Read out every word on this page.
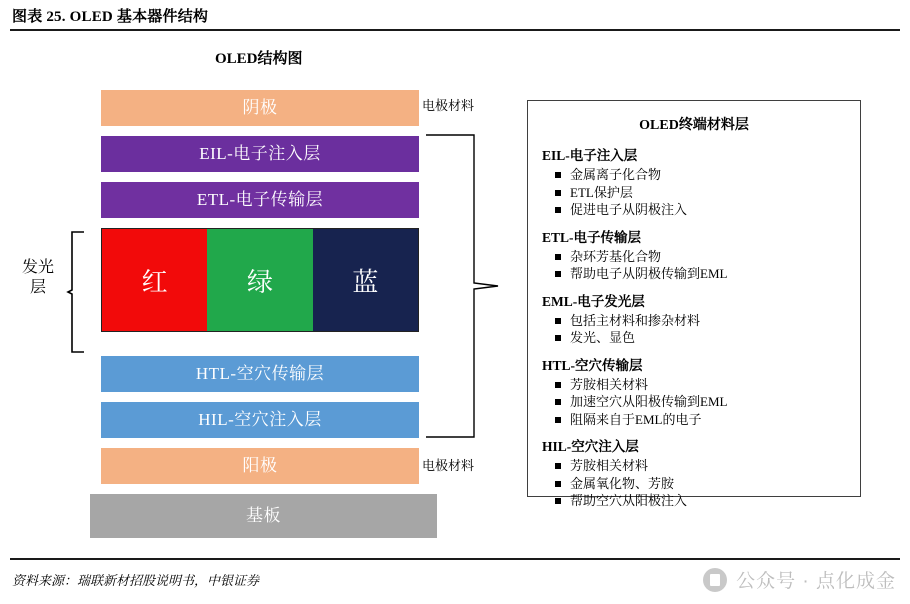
图表 25. OLED 基本器件结构
OLED结构图
发光层
阴极
EIL-电子注入层
ETL-电子传输层
红	绿	蓝
HTL-空穴传输层
HIL-空穴注入层
阳极
基板
电极材料
电极材料
OLED终端材料层
EIL-电子注入层
金属离子化合物
ETL保护层
促进电子从阴极注入
ETL-电子传输层
杂环芳基化合物
帮助电子从阴极传输到EML
EML-电子发光层
包括主材料和掺杂材料
发光、显色
HTL-空穴传输层
芳胺相关材料
加速空穴从阳极传输到EML
阻隔来自于EML的电子
HIL-空穴注入层
芳胺相关材料
金属氧化物、芳胺
帮助空穴从阳极注入
资料来源：瑞联新材招股说明书，中银证券	公众号 · 点化成金
